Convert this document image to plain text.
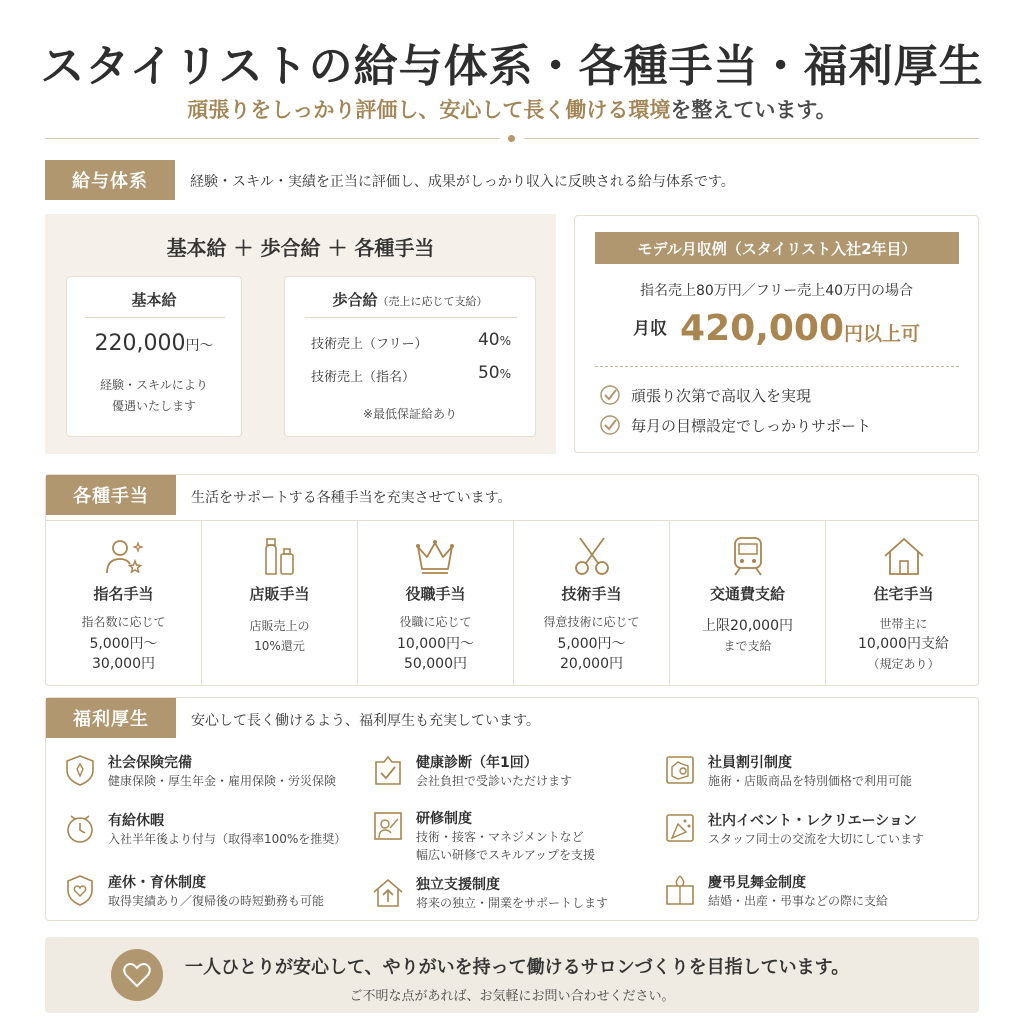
スタイリストの給与体系・各種手当・福利厚生
頑張りをしっかり評価し、安心して長く働ける環境を整えています。
給与体系	経験・スキル・実績を正当に評価し、成果がしっかり収入に反映される給与体系です。
基本給 ＋ 歩合給 ＋ 各種手当
基本給
220,000円〜
経験・スキルにより
優遇いたします
歩合給（売上に応じて支給）
技術売上（フリー）	40%
技術売上（指名）	50%
※最低保証給あり
モデル月収例（スタイリスト入社2年目）
指名売上80万円／フリー売上40万円の場合
月収 420,000円以上可
頑張り次第で高収入を実現
毎月の目標設定でしっかりサポート
各種手当	生活をサポートする各種手当を充実させています。
指名手当
指名数に応じて
5,000円〜
30,000円
店販手当
店販売上の
10%還元
役職手当
役職に応じて
10,000円〜
50,000円
技術手当
得意技術に応じて
5,000円〜
20,000円
交通費支給
上限20,000円
まで支給
住宅手当
世帯主に
10,000円支給
（規定あり）
福利厚生	安心して長く働けるよう、福利厚生も充実しています。
社会保険完備
健康保険・厚生年金・雇用保険・労災保険
有給休暇
入社半年後より付与（取得率100%を推奨）
産休・育休制度
取得実績あり／復帰後の時短勤務も可能
健康診断（年1回）
会社負担で受診いただけます
研修制度
技術・接客・マネジメントなど
幅広い研修でスキルアップを支援
独立支援制度
将来の独立・開業をサポートします
社員割引制度
施術・店販商品を特別価格で利用可能
社内イベント・レクリエーション
スタッフ同士の交流を大切にしています
慶弔見舞金制度
結婚・出産・弔事などの際に支給
一人ひとりが安心して、やりがいを持って働けるサロンづくりを目指しています。
ご不明な点があれば、お気軽にお問い合わせください。
